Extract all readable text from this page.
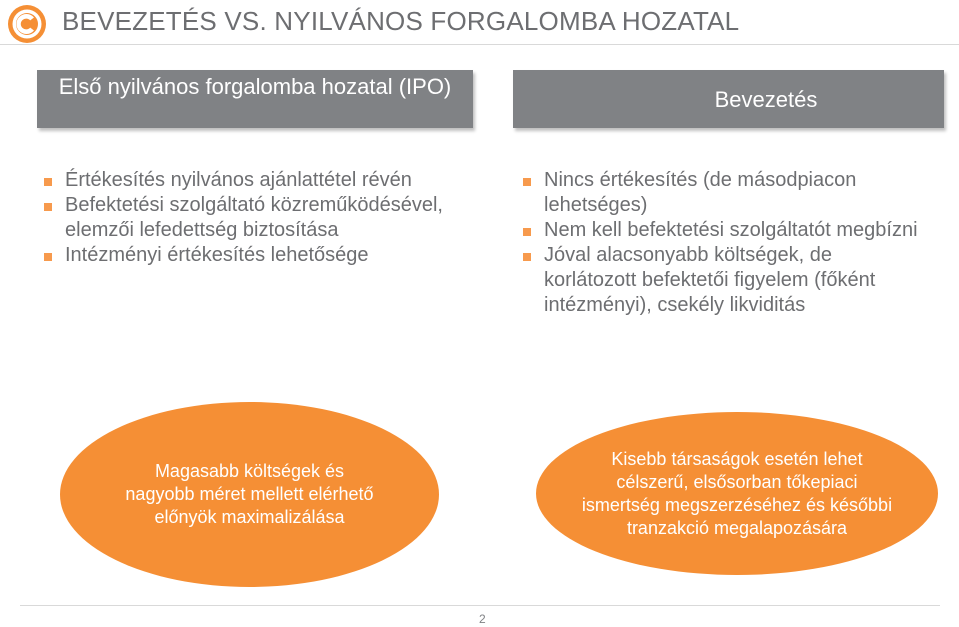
BEVEZETÉS VS. NYILVÁNOS FORGALOMBA HOZATAL
Első nyilvános forgalomba hozatal (IPO)
Bevezetés
Értékesítés nyilvános ajánlattétel révén
Befektetési szolgáltató közreműködésével, elemzői lefedettség biztosítása
Intézményi értékesítés lehetősége
Nincs értékesítés (de másodpiacon lehetséges)
Nem kell befektetési szolgáltatót megbízni
Jóval alacsonyabb költségek, de korlátozott befektetői figyelem (főként intézményi), csekély likviditás
Magasabb költségek és nagyobb méret mellett elérhető előnyök maximalizálása
Kisebb társaságok esetén lehet célszerű, elsősorban tőkepiaci ismertség megszerzéséhez és későbbi tranzakció megalapozására
2
